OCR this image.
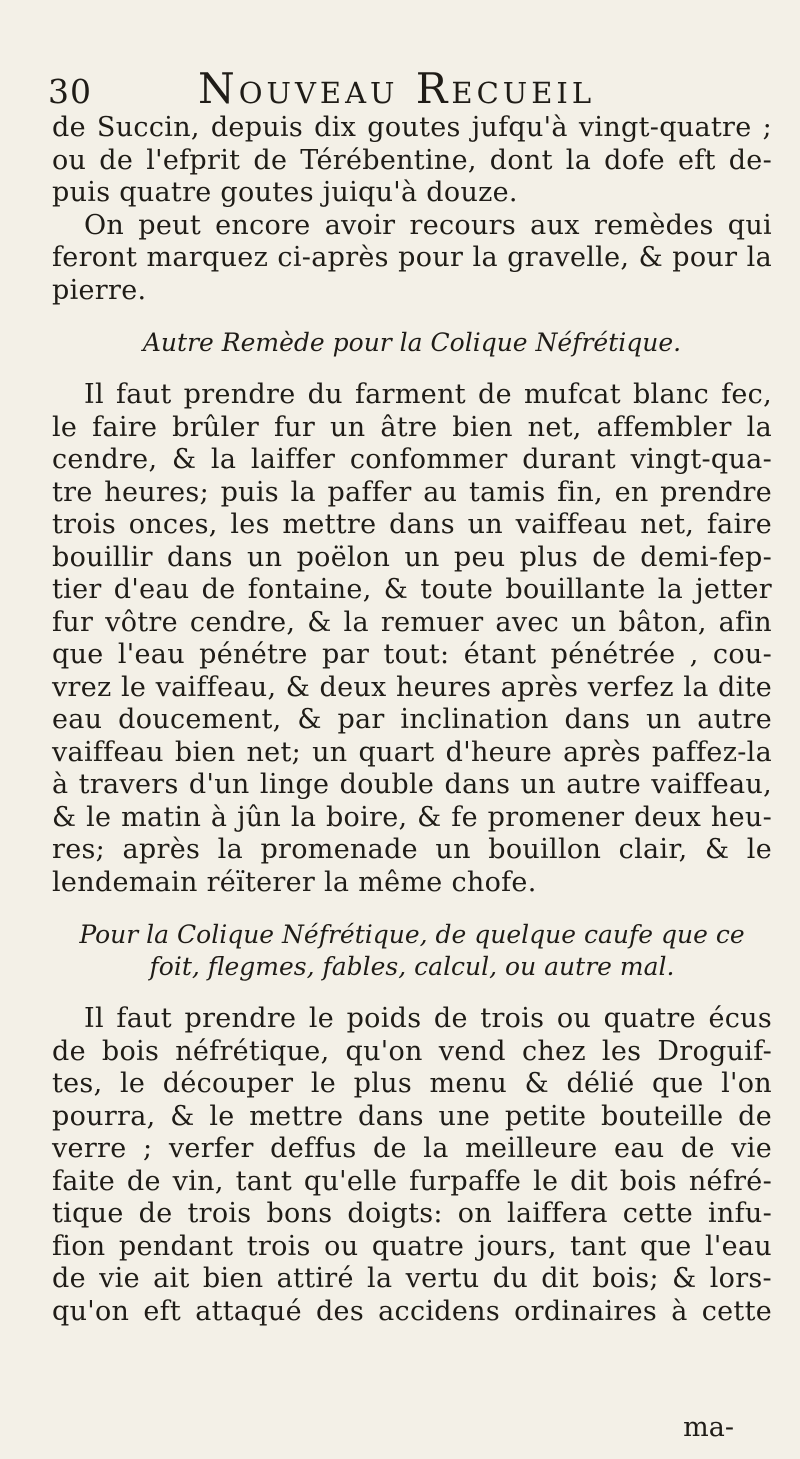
30	Nouveau Recueil
de Succin, depuis dix goutes jufqu'à vingt-quatre ;
ou de l'efprit de Térébentine, dont la dofe eft de-
puis quatre goutes juiqu'à douze.
On peut encore avoir recours aux remèdes qui
feront marquez ci-après pour la gravelle, & pour la
pierre.
Autre Remède pour la Colique Néfrétique.
Il faut prendre du farment de mufcat blanc fec,
le faire brûler fur un âtre bien net, affembler la
cendre, & la laiffer confommer durant vingt-qua-
tre heures; puis la paffer au tamis fin, en prendre
trois onces, les mettre dans un vaiffeau net, faire
bouillir dans un poëlon un peu plus de demi-fep-
tier d'eau de fontaine, & toute bouillante la jetter
fur vôtre cendre, & la remuer avec un bâton, afin
que l'eau pénétre par tout: étant pénétrée , cou-
vrez le vaiffeau, & deux heures après verfez la dite
eau doucement, & par inclination dans un autre
vaiffeau bien net; un quart d'heure après paffez-la
à travers d'un linge double dans un autre vaiffeau,
& le matin à jûn la boire, & fe promener deux heu-
res; après la promenade un bouillon clair, & le
lendemain réïterer la même chofe.
Pour la Colique Néfrétique, de quelque caufe que ce
foit, flegmes, fables, calcul, ou autre mal.
Il faut prendre le poids de trois ou quatre écus
de bois néfrétique, qu'on vend chez les Droguif-
tes, le découper le plus menu & délié que l'on
pourra, & le mettre dans une petite bouteille de
verre ; verfer deffus de la meilleure eau de vie
faite de vin, tant qu'elle furpaffe le dit bois néfré-
tique de trois bons doigts: on laiffera cette infu-
fion pendant trois ou quatre jours, tant que l'eau
de vie ait bien attiré la vertu du dit bois; & lors-
qu'on eft attaqué des accidens ordinaires à cette
ma-
